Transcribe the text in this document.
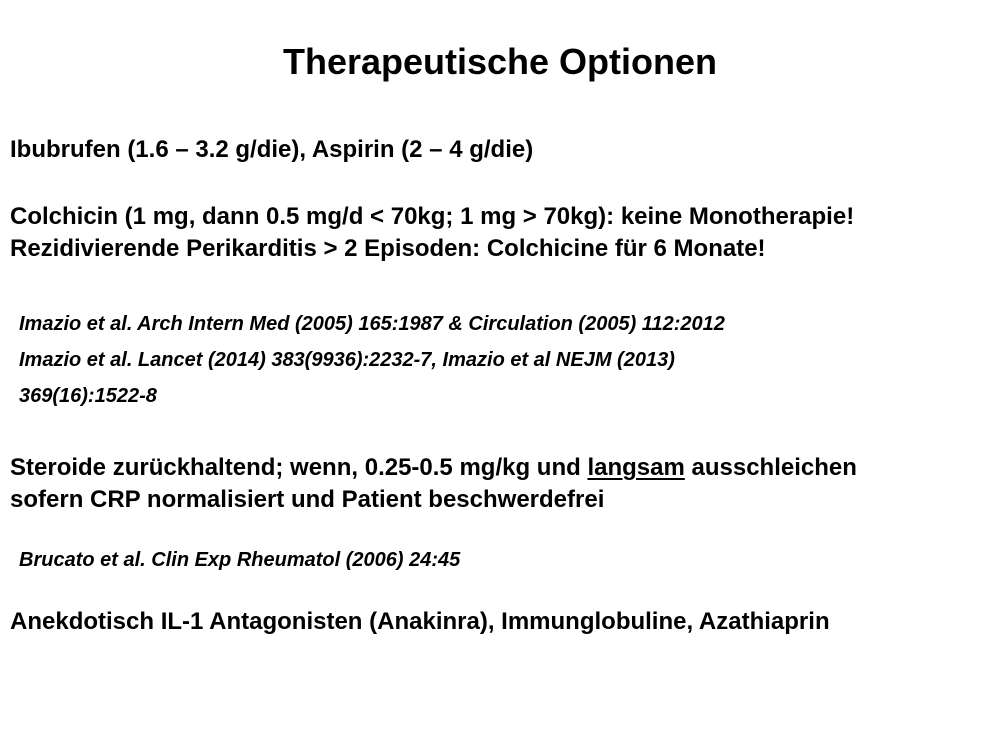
Therapeutische Optionen
Ibubrufen (1.6 – 3.2 g/die), Aspirin (2 – 4 g/die)
Colchicin (1 mg, dann 0.5 mg/d < 70kg; 1 mg > 70kg): keine Monotherapie!
Rezidivierende Perikarditis > 2 Episoden: Colchicine für 6 Monate!
Imazio et al. Arch Intern Med (2005) 165:1987 & Circulation (2005) 112:2012
Imazio et al. Lancet (2014) 383(9936):2232-7, Imazio et al NEJM (2013)
369(16):1522-8
Steroide zurückhaltend; wenn, 0.25-0.5 mg/kg und langsam ausschleichen
sofern CRP normalisiert und Patient beschwerdefrei
Brucato et al. Clin Exp Rheumatol (2006) 24:45
Anekdotisch IL-1 Antagonisten (Anakinra), Immunglobuline, Azathiaprin
